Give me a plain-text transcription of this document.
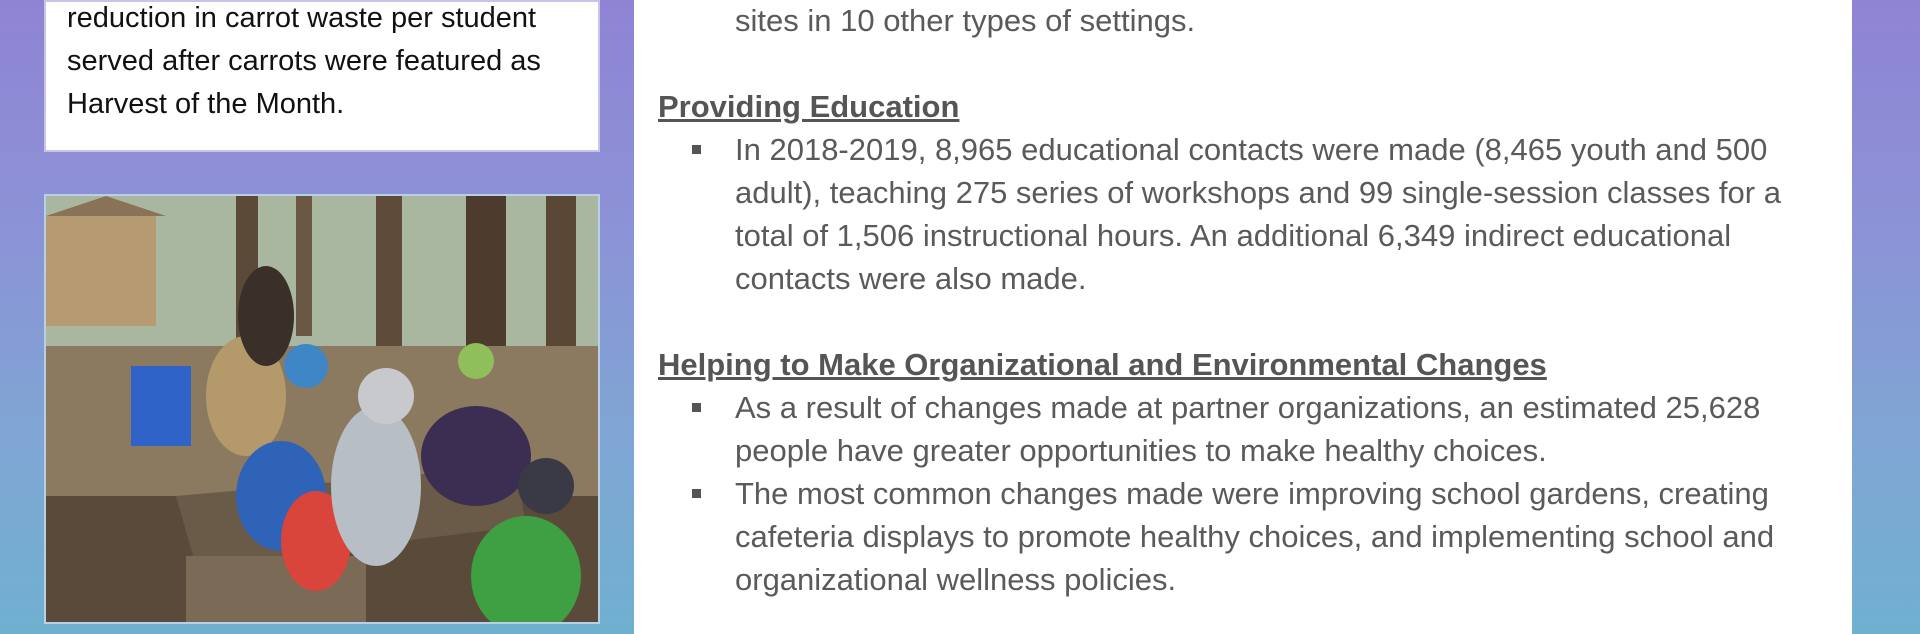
reduction in carrot waste per student served after carrots were featured as Harvest of the Month.

sites in 10 other types of settings.
Providing Education
In 2018-2019, 8,965 educational contacts were made (8,465 youth and 500 adult), teaching 275 series of workshops and 99 single-session classes for a total of 1,506 instructional hours. An additional 6,349 indirect educational contacts were also made.
Helping to Make Organizational and Environmental Changes
As a result of changes made at partner organizations, an estimated 25,628 people have greater opportunities to make healthy choices.
The most common changes made were improving school gardens, creating cafeteria displays to promote healthy choices, and implementing school and organizational wellness policies.
